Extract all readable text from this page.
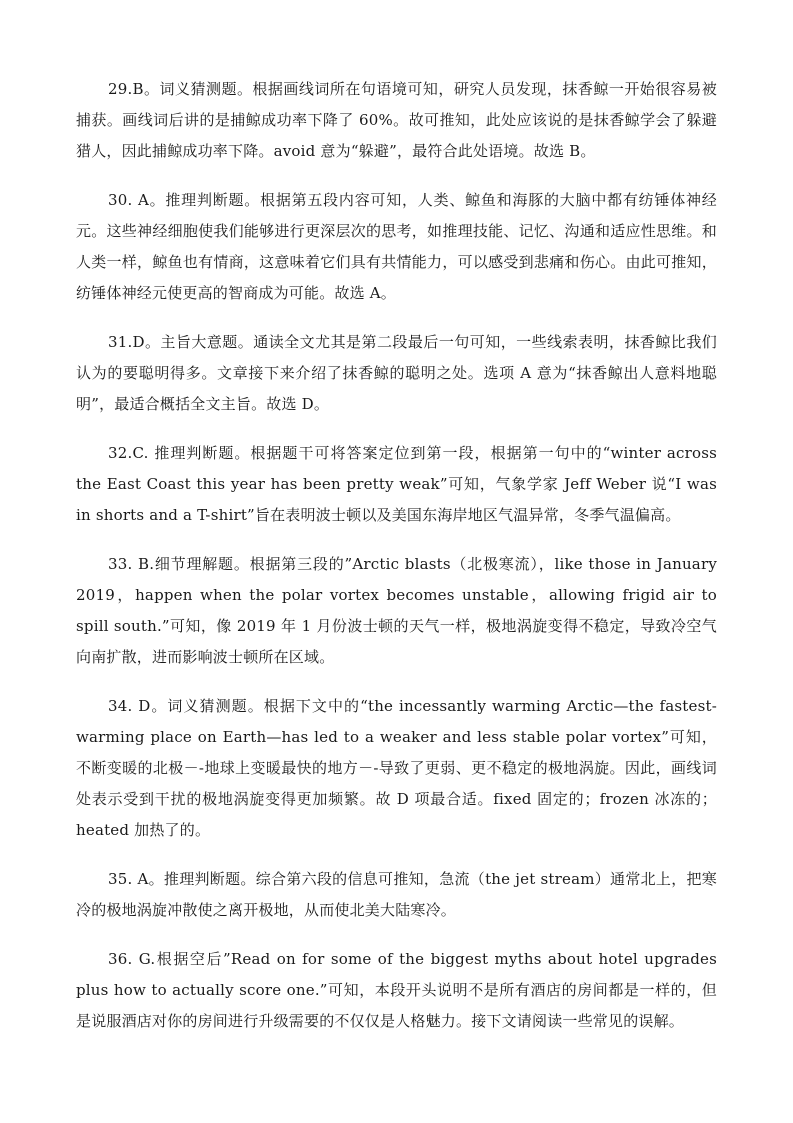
29.B。词义猜测题。根据画线词所在句语境可知，研究人员发现，抹香鲸一开始很容易被捕获。画线词后讲的是捕鲸成功率下降了 60%。故可推知，此处应该说的是抹香鲸学会了躲避猎人，因此捕鲸成功率下降。avoid 意为“躲避”，最符合此处语境。故选 B。

30. A。推理判断题。根据第五段内容可知，人类、鲸鱼和海豚的大脑中都有纺锤体神经元。这些神经细胞使我们能够进行更深层次的思考，如推理技能、记忆、沟通和适应性思维。和人类一样，鲸鱼也有情商，这意味着它们具有共情能力，可以感受到悲痛和伤心。由此可推知，纺锤体神经元使更高的智商成为可能。故选 A。

31.D。主旨大意题。通读全文尤其是第二段最后一句可知，一些线索表明，抹香鲸比我们认为的要聪明得多。文章接下来介绍了抹香鲸的聪明之处。选项 A 意为“抹香鲸出人意料地聪明”，最适合概括全文主旨。故选 D。

32.C. 推理判断题。根据题干可将答案定位到第一段，根据第一句中的“winter across the East Coast this year has been pretty weak”可知，气象学家 Jeff Weber 说“I was in shorts and a T-shirt”旨在表明波士顿以及美国东海岸地区气温异常，冬季气温偏高。

33. B.细节理解题。根据第三段的”Arctic blasts（北极寒流），like those in January 2019，happen when the polar vortex becomes unstable，allowing frigid air to spill south.”可知，像 2019 年 1 月份波士顿的天气一样，极地涡旋变得不稳定，导致冷空气向南扩散，进而影响波士顿所在区域。

34. D。词义猜测题。根据下文中的“the incessantly warming Arctic—the fastest-warming place on Earth—has led to a weaker and less stable polar vortex”可知，不断变暖的北极－-地球上变暖最快的地方－-导致了更弱、更不稳定的极地涡旋。因此，画线词处表示受到干扰的极地涡旋变得更加频繁。故 D 项最合适。fixed 固定的；frozen 冰冻的；heated 加热了的。

35. A。推理判断题。综合第六段的信息可推知，急流（the jet stream）通常北上，把寒冷的极地涡旋冲散使之离开极地，从而使北美大陆寒冷。

36. G.根据空后”Read on for some of the biggest myths about hotel upgrades plus how to actually score one.”可知，本段开头说明不是所有酒店的房间都是一样的，但是说服酒店对你的房间进行升级需要的不仅仅是人格魅力。接下文请阅读一些常见的误解。
